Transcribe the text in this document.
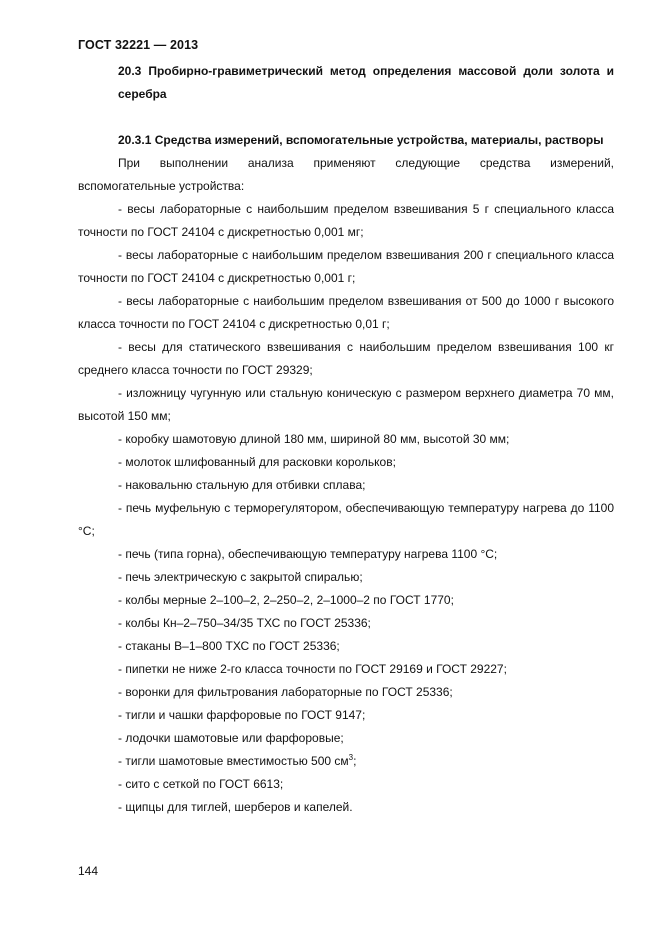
ГОСТ 32221 — 2013

20.3 Пробирно-гравиметрический метод определения массовой доли золота и серебра

20.3.1 Средства измерений, вспомогательные устройства, материалы, растворы

При выполнении анализа применяют следующие средства измерений, вспомогательные устройства:

- весы лабораторные с наибольшим пределом взвешивания 5 г специального класса точности по ГОСТ 24104 с дискретностью 0,001 мг;

- весы лабораторные с наибольшим пределом взвешивания 200 г специального класса точности по ГОСТ 24104 с дискретностью 0,001 г;

- весы лабораторные с наибольшим пределом взвешивания от 500 до 1000 г высокого класса точности по ГОСТ 24104 с дискретностью 0,01 г;

- весы для статического взвешивания с наибольшим пределом взвешивания 100 кг среднего класса точности по ГОСТ 29329;

- изложницу чугунную или стальную коническую с размером верхнего диаметра 70 мм, высотой 150 мм;

- коробку шамотовую длиной 180 мм, шириной 80 мм, высотой 30 мм;

- молоток шлифованный для расковки корольков;

- наковальню стальную для отбивки сплава;

- печь муфельную с терморегулятором, обеспечивающую температуру нагрева до 1100 °С;

- печь (типа горна), обеспечивающую температуру нагрева 1100 °С;

- печь электрическую с закрытой спиралью;

- колбы мерные 2–100–2, 2–250–2, 2–1000–2 по ГОСТ 1770;

- колбы Кн–2–750–34/35 ТХС по ГОСТ 25336;

- стаканы В–1–800 ТХС по ГОСТ 25336;

- пипетки не ниже 2-го класса точности по ГОСТ 29169 и ГОСТ 29227;

- воронки для фильтрования лабораторные по ГОСТ 25336;

- тигли и чашки фарфоровые по ГОСТ 9147;

- лодочки шамотовые или фарфоровые;

- тигли шамотовые вместимостью 500 $см^3$;

- сито с сеткой по ГОСТ 6613;

- щипцы для тиглей, шерберов и капелей.

144
